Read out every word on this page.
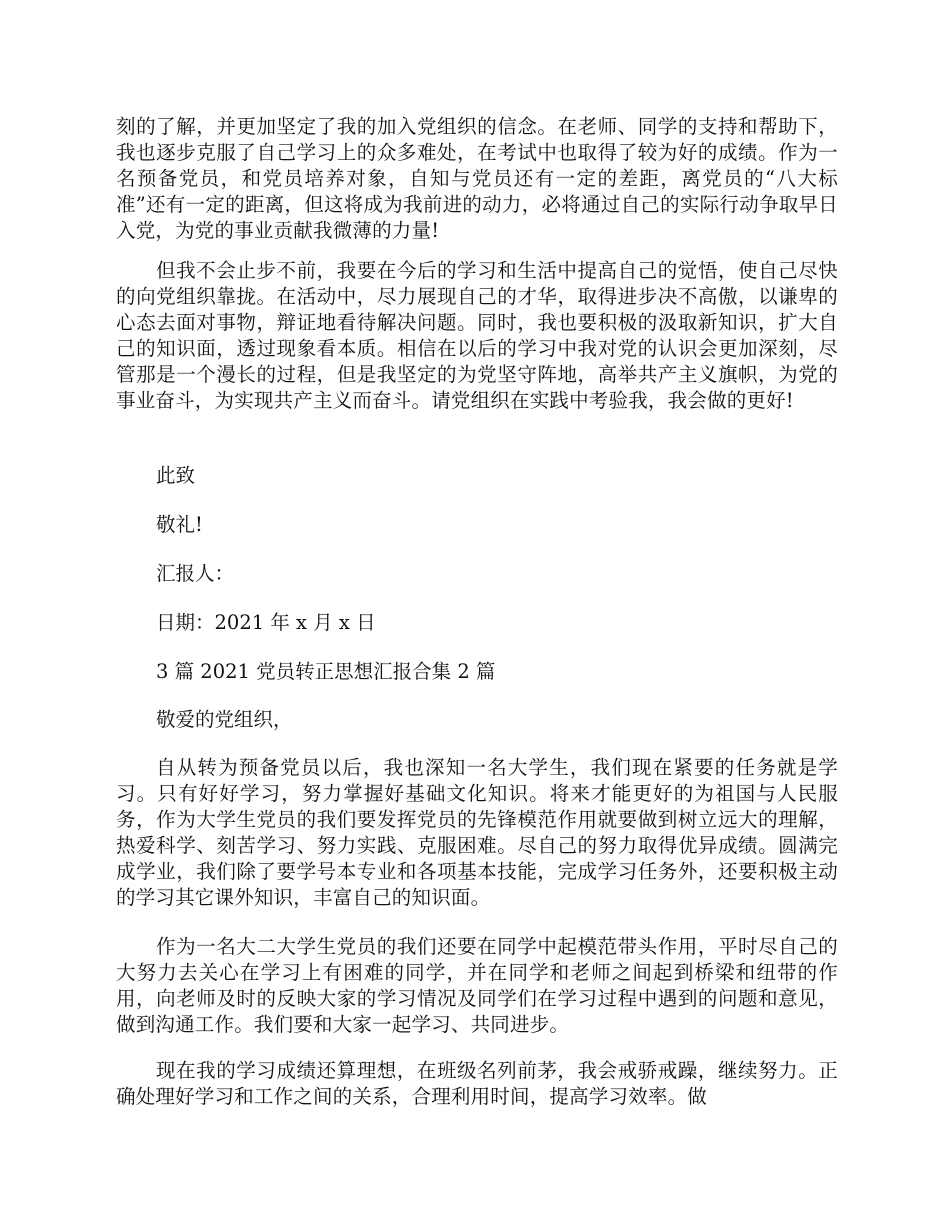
刻的了解，并更加坚定了我的加入党组织的信念。在老师、同学的支持和帮助下，我也逐步克服了自己学习上的众多难处，在考试中也取得了较为好的成绩。作为一名预备党员，和党员培养对象，自知与党员还有一定的差距，离党员的“八大标准”还有一定的距离，但这将成为我前进的动力，必将通过自己的实际行动争取早日入党，为党的事业贡献我微薄的力量!

但我不会止步不前，我要在今后的学习和生活中提高自己的觉悟，使自己尽快的向党组织靠拢。在活动中，尽力展现自己的才华，取得进步决不高傲，以谦卑的心态去面对事物，辩证地看待解决问题。同时，我也要积极的汲取新知识，扩大自己的知识面，透过现象看本质。相信在以后的学习中我对党的认识会更加深刻，尽管那是一个漫长的过程，但是我坚定的为党坚守阵地，高举共产主义旗帜，为党的事业奋斗，为实现共产主义而奋斗。请党组织在实践中考验我，我会做的更好!

此致

敬礼!

汇报人：

日期：2021 年 x 月 x 日

3 篇 2021 党员转正思想汇报合集 2 篇

敬爱的党组织，

自从转为预备党员以后，我也深知一名大学生，我们现在紧要的任务就是学习。只有好好学习，努力掌握好基础文化知识。将来才能更好的为祖国与人民服务，作为大学生党员的我们要发挥党员的先锋模范作用就要做到树立远大的理解，热爱科学、刻苦学习、努力实践、克服困难。尽自己的努力取得优异成绩。圆满完成学业，我们除了要学号本专业和各项基本技能，完成学习任务外，还要积极主动的学习其它课外知识，丰富自己的知识面。

作为一名大二大学生党员的我们还要在同学中起模范带头作用，平时尽自己的大努力去关心在学习上有困难的同学，并在同学和老师之间起到桥梁和纽带的作用，向老师及时的反映大家的学习情况及同学们在学习过程中遇到的问题和意见，做到沟通工作。我们要和大家一起学习、共同进步。

现在我的学习成绩还算理想，在班级名列前茅，我会戒骄戒躁，继续努力。正确处理好学习和工作之间的关系，合理利用时间，提高学习效率。做
